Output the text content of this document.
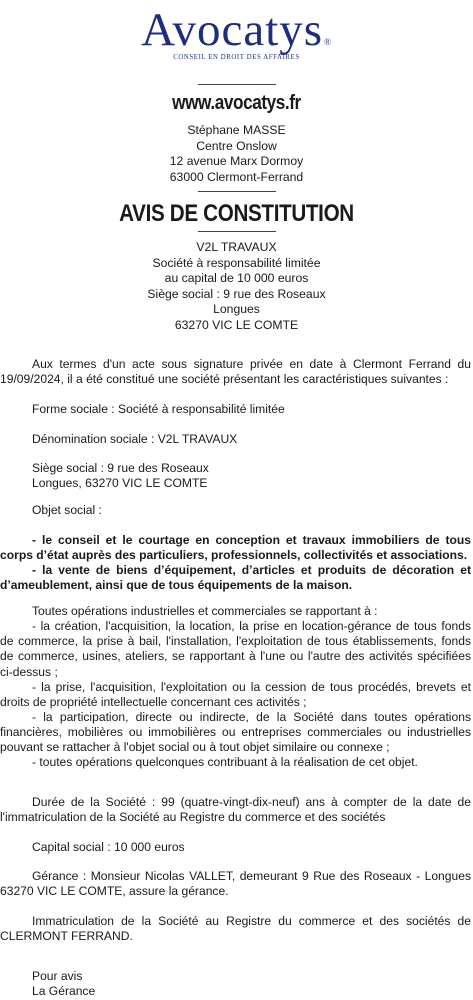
Avocatys®
CONSEIL EN DROIT DES AFFAIRES
www.avocatys.fr
Stéphane MASSE
Centre Onslow
12 avenue Marx Dormoy
63000 Clermont-Ferrand
AVIS DE CONSTITUTION
V2L TRAVAUX
Société à responsabilité limitée
au capital de 10 000 euros
Siège social : 9 rue des Roseaux
Longues
63270 VIC LE COMTE
Aux termes d'un acte sous signature privée en date à Clermont Ferrand du 19/09/2024, il a été constitué une société présentant les caractéristiques suivantes :
Forme sociale : Société à responsabilité limitée
Dénomination sociale : V2L TRAVAUX
Siège social : 9 rue des Roseaux
Longues, 63270 VIC LE COMTE
Objet social :
- le conseil et le courtage en conception et travaux immobiliers de tous corps d’état auprès des particuliers, professionnels, collectivités et associations.
- la vente de biens d’équipement, d’articles et produits de décoration et d’ameublement, ainsi que de tous équipements de la maison.
Toutes opérations industrielles et commerciales se rapportant à :
- la création, l'acquisition, la location, la prise en location-gérance de tous fonds de commerce, la prise à bail, l'installation, l'exploitation de tous établissements, fonds de commerce, usines, ateliers, se rapportant à l'une ou l'autre des activités spécifiées ci-dessus ;
- la prise, l'acquisition, l'exploitation ou la cession de tous procédés, brevets et droits de propriété intellectuelle concernant ces activités ;
- la participation, directe ou indirecte, de la Société dans toutes opérations financières, mobilières ou immobilières ou entreprises commerciales ou industrielles pouvant se rattacher à l'objet social ou à tout objet similaire ou connexe ;
- toutes opérations quelconques contribuant à la réalisation de cet objet.
Durée de la Société : 99 (quatre-vingt-dix-neuf) ans à compter de la date de l'immatriculation de la Société au Registre du commerce et des sociétés
Capital social : 10 000 euros
Gérance : Monsieur Nicolas VALLET, demeurant 9 Rue des Roseaux - Longues 63270 VIC LE COMTE, assure la gérance.
Immatriculation de la Société au Registre du commerce et des sociétés de CLERMONT FERRAND.
Pour avis
La Gérance
